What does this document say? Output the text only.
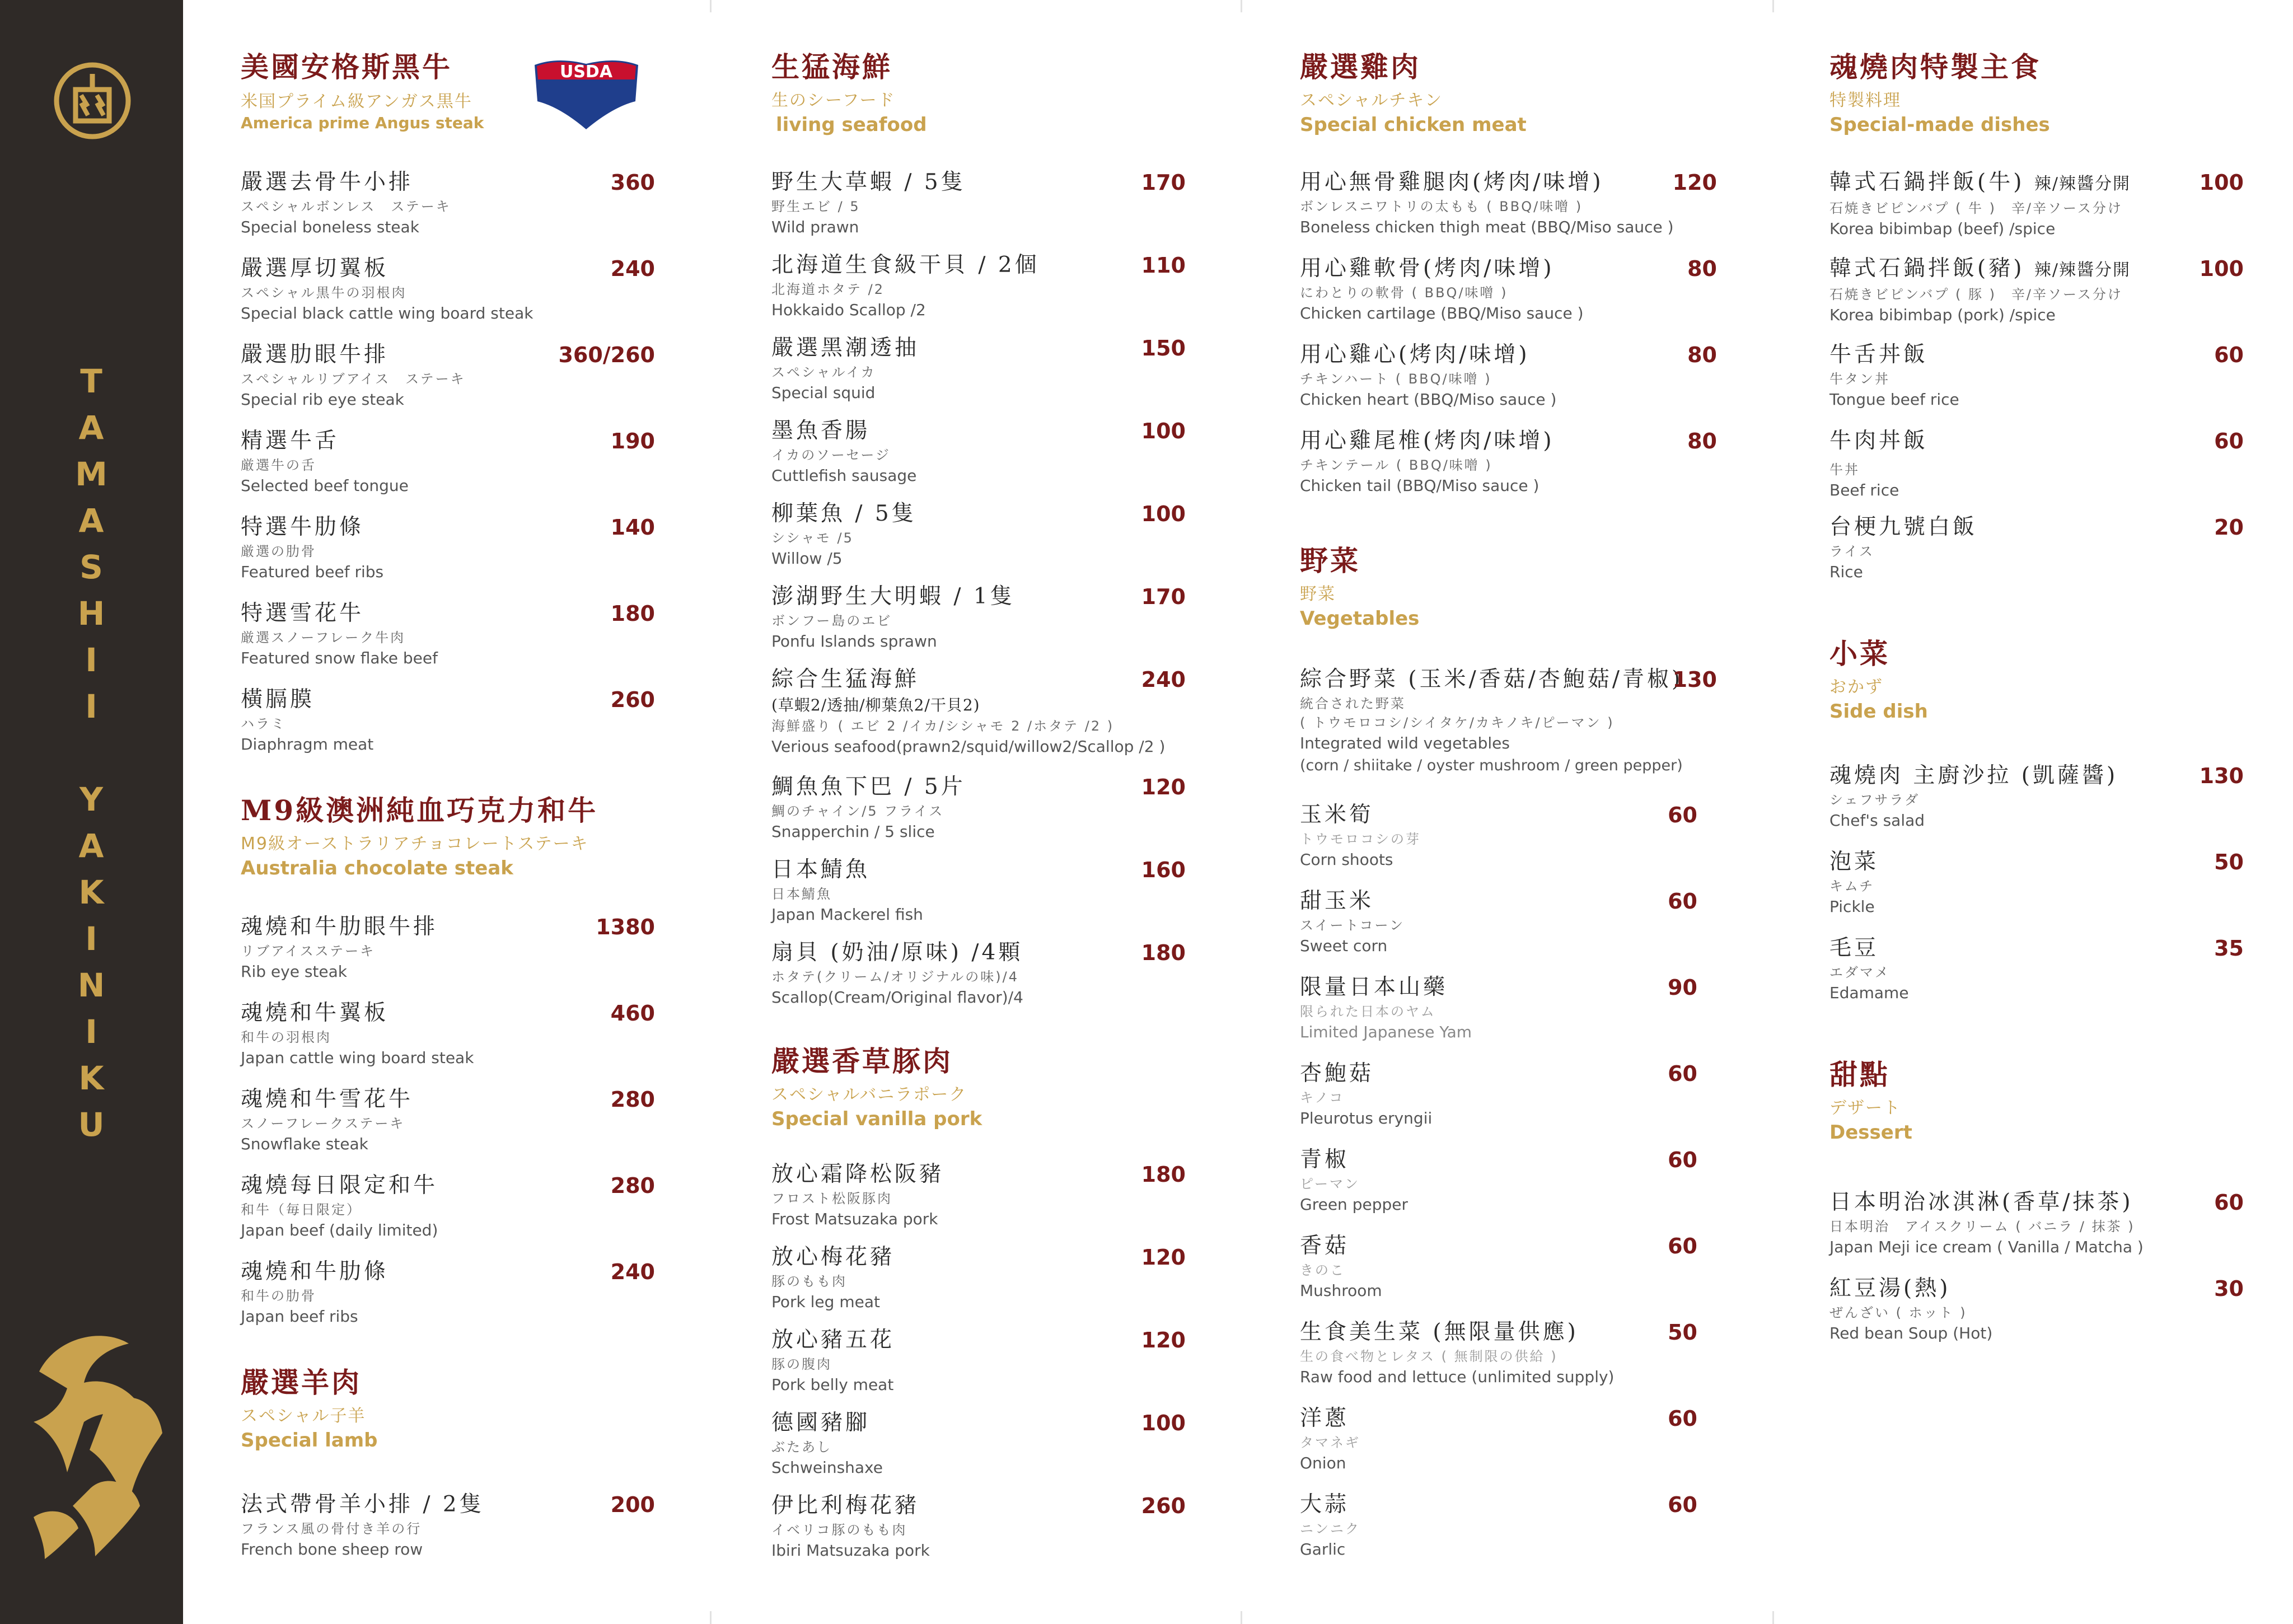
T
A
M
A
S
H
I
I
Y
A
K
I
N
I
K
U
美國安格斯黑牛
米国プライム級アンガス黒牛
America prime Angus steak
USDA
嚴選去骨牛小排
スペシャルボンレス　ステーキ
Special boneless steak
360
嚴選厚切翼板
スペシャル黒牛の羽根肉
Special black cattle wing board steak
240
嚴選肋眼牛排
スペシャルリブアイス　ステーキ
Special rib eye steak
360/260
精選牛舌
厳選牛の舌
Selected beef tongue
190
特選牛肋條
厳選の肋骨
Featured beef ribs
140
特選雪花牛
厳選スノーフレーク牛肉
Featured snow flake beef
180
橫膈膜
ハラミ
Diaphragm meat
260
M9級澳洲純血巧克力和牛
M9級オーストラリアチョコレートステーキ
Australia chocolate steak
魂燒和牛肋眼牛排
リブアイスステーキ
Rib eye steak
1380
魂燒和牛翼板
和牛の羽根肉
Japan cattle wing board steak
460
魂燒和牛雪花牛
スノーフレークステーキ
Snowflake steak
280
魂燒每日限定和牛
和牛（毎日限定）
Japan beef (daily limited)
280
魂燒和牛肋條
和牛の肋骨
Japan beef ribs
240
嚴選羊肉
スペシャル子羊
Special lamb
法式帶骨羊小排 / 2隻
フランス風の骨付き羊の行
French bone sheep row
200
生猛海鮮
生のシーフード
living seafood
野生大草蝦 / 5隻
野生エビ / 5
Wild prawn
170
北海道生食級干貝 / 2個
北海道ホタテ /2
Hokkaido Scallop /2
110
嚴選黑潮透抽
スペシャルイカ
Special squid
150
墨魚香腸
イカのソーセージ
Cuttlefish sausage
100
柳葉魚 / 5隻
シシャモ /5
Willow /5
100
澎湖野生大明蝦 / 1隻
ボンフー島のエビ
Ponfu Islands sprawn
170
綜合生猛海鮮
(草蝦2/透抽/柳葉魚2/干貝2)
海鮮盛り ( エビ 2 /イカ/シシャモ 2 /ホタテ /2 )
Verious seafood(prawn2/squid/willow2/Scallop /2 )
240
鯛魚魚下巴 / 5片
鯛のチャイン/5 フライス
Snapperchin / 5 slice
120
日本鯖魚
日本鯖魚
Japan Mackerel fish
160
扇貝 (奶油/原味) /4顆
ホタテ(クリーム/オリジナルの味)/4
Scallop(Cream/Original flavor)/4
180
嚴選香草豚肉
スペシャルバニラポーク
Special vanilla pork
放心霜降松阪豬
フロスト松阪豚肉
Frost Matsuzaka pork
180
放心梅花豬
豚のもも肉
Pork leg meat
120
放心豬五花
豚の腹肉
Pork belly meat
120
德國豬腳
ぶたあし
Schweinshaxe
100
伊比利梅花豬
イベリコ豚のもも肉
Ibiri Matsuzaka pork
260
嚴選雞肉
スペシャルチキン
Special chicken meat
用心無骨雞腿肉(烤肉/味增)
ボンレスニワトリの太もも ( BBQ/味噌 )
Boneless chicken thigh meat (BBQ/Miso sauce )
120
用心雞軟骨(烤肉/味增)
にわとりの軟骨 ( BBQ/味噌 )
Chicken cartilage (BBQ/Miso sauce )
80
用心雞心(烤肉/味增)
チキンハート ( BBQ/味噌 )
Chicken heart (BBQ/Miso sauce )
80
用心雞尾椎(烤肉/味增)
チキンテール ( BBQ/味噌 )
Chicken tail (BBQ/Miso sauce )
80
野菜
野菜
Vegetables
綜合野菜 (玉米/香菇/杏鮑菇/青椒)
統合された野菜
( トウモロコシ/シイタケ/カキノキ/ピーマン )
Integrated wild vegetables
(corn / shiitake / oyster mushroom / green pepper)
130
玉米筍
トウモロコシの芽
Corn shoots
60
甜玉米
スイートコーン
Sweet corn
60
限量日本山藥
限られた日本のヤム
Limited Japanese Yam
90
杏鮑菇
キノコ
Pleurotus eryngii
60
青椒
ピーマン
Green pepper
60
香菇
きのこ
Mushroom
60
生食美生菜 (無限量供應)
生の食べ物とレタス ( 無制限の供給 )
Raw food and lettuce (unlimited supply)
50
洋蔥
タマネギ
Onion
60
大蒜
ニンニク
Garlic
60
魂燒肉特製主食
特製料理
Special-made dishes
韓式石鍋拌飯(牛) 辣/辣醬分開
石焼きビピンバプ ( 牛 )　 辛/辛ソース分け
Korea bibimbap (beef) /spice
100
韓式石鍋拌飯(豬) 辣/辣醬分開
石焼きビピンバプ ( 豚 )　 辛/辛ソース分け
Korea bibimbap (pork) /spice
100
牛舌丼飯
牛タン丼
Tongue beef rice
60
牛肉丼飯
牛丼
Beef rice
60
台梗九號白飯
ライス
Rice
20
小菜
おかず
Side dish
魂燒肉 主廚沙拉 (凱薩醬)
シェフサラダ
Chef's salad
130
泡菜
キムチ
Pickle
50
毛豆
エダマメ
Edamame
35
甜點
デザート
Dessert
日本明治冰淇淋(香草/抹茶)
日本明治　アイスクリーム ( バニラ / 抹茶 )
Japan Meji ice cream ( Vanilla / Matcha )
60
紅豆湯(熱)
ぜんざい ( ホット )
Red bean Soup (Hot)
30
